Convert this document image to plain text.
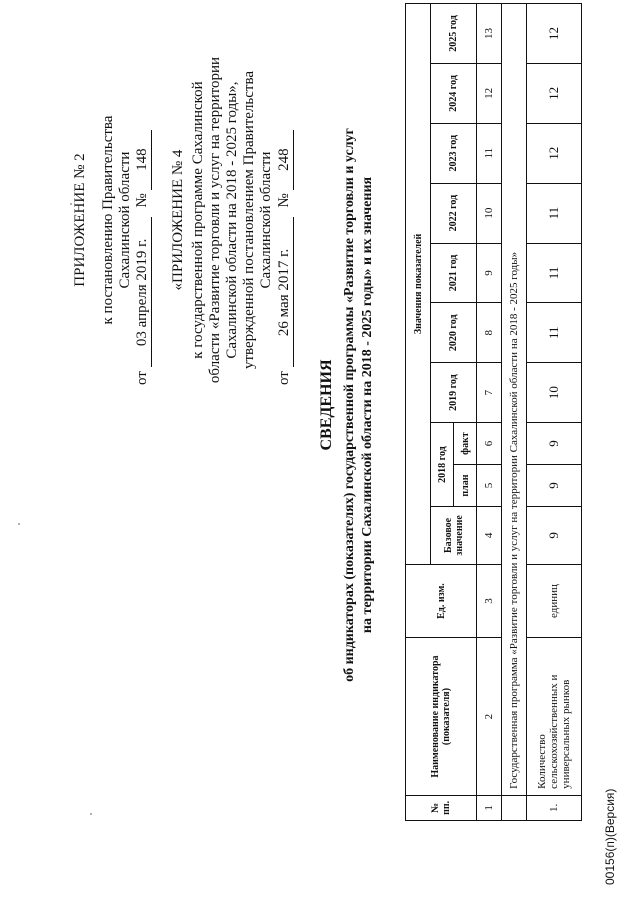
ПРИЛОЖЕНИЕ № 2 к постановлению Правительства Сахалинской области
от 03 апреля 2019 г. № 148 «ПРИЛОЖЕНИЕ № 4 к государственной программе Сахалинской области «Развитие торговли и услуг на территории Сахалинской области на 2018 - 2025 годы», утвержденной постановлением Правительства Сахалинской области
от 26 мая 2017 г. № 248
СВЕДЕНИЯ об индикаторах (показателях) государственной программы «Развитие торговли и услуг на территории Сахалинской области на 2018 - 2025 годы» и их значения
№ пп.	Наименование индикатора (показателя)	Ед. изм.	Значения показателей									
			Базовое значение	2018 год		2019 год	2020 год	2021 год	2022 год	2023 год	2024 год	2025 год
				план	факт							
1	2	3	4	5	6	7	8	9	10	11	12	13
	Государственная программа «Развитие торговли и услуг на территории Сахалинской области на 2018 - 2025 годы»											
1.	Количество сельскохозяйственных и универсальных рынков	единиц	9	9	9	10	11	11	11	12	12	12
00156(п)(Версия)
